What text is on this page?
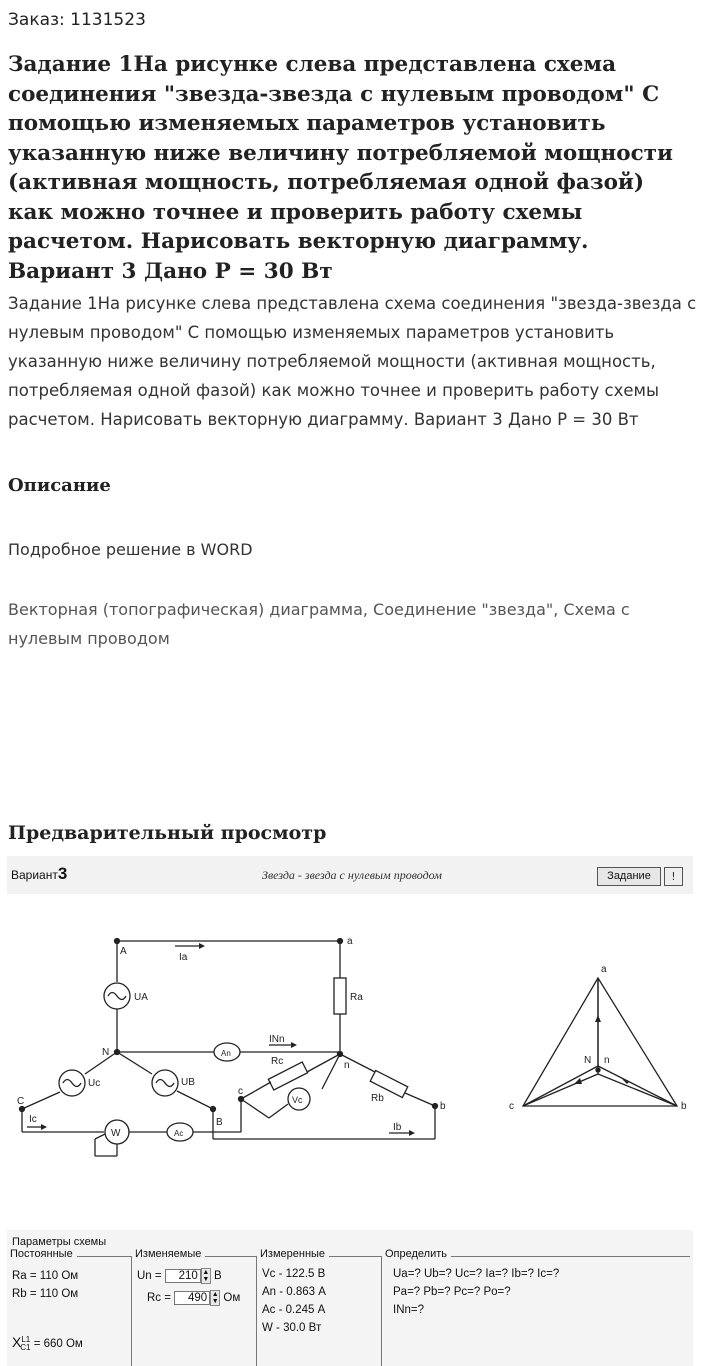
Заказ: 1131523
Задание 1На рисунке слева представлена схема соединения "звезда-звезда с нулевым проводом" С помощью изменяемых параметров установить указанную ниже величину потребляемой мощности (активная мощность, потребляемая одной фазой) как можно точнее и проверить работу схемы расчетом. Нарисовать векторную диаграмму. Вариант 3 Дано P = 30 Вт

Задание 1На рисунке слева представлена схема соединения "звезда-звезда с нулевым проводом" С помощью изменяемых параметров установить указанную ниже величину потребляемой мощности (активная мощность, потребляемая одной фазой) как можно точнее и проверить работу схемы расчетом. Нарисовать векторную диаграмму. Вариант 3 Дано P = 30 Вт

Описание
Подробное решение в WORD
Векторная (топографическая) диаграмма, Соединение "звезда", Схема с нулевым проводом
Предварительный просмотр
Вариант3	Звезда - звезда с нулевым проводом	Задание	!
A
a
Ia
UA	Ra
N	An
INn
n
Uc
C
UB
B
c
Rc
Vc
b
Rb
Ic
W	Ac
Ib
a
c	b
N n
Параметры схемы
Постоянные
Ra = 110 Ом
Rb = 110 Ом
$X^{L1}_{C1} = 660$ Ом
Изменяемые
Un = 210 ▲
▼ В
Rc = 490 ▲
▼ Ом
Измеренные
Vc - 122.5 В
An - 0.863 А
Ac - 0.245 А
W - 30.0 Вт
Определить
Ua=? Ub=? Uc=? Ia=? Ib=? Ic=?
Pa=? Pb=? Pc=? Po=?
INn=?
